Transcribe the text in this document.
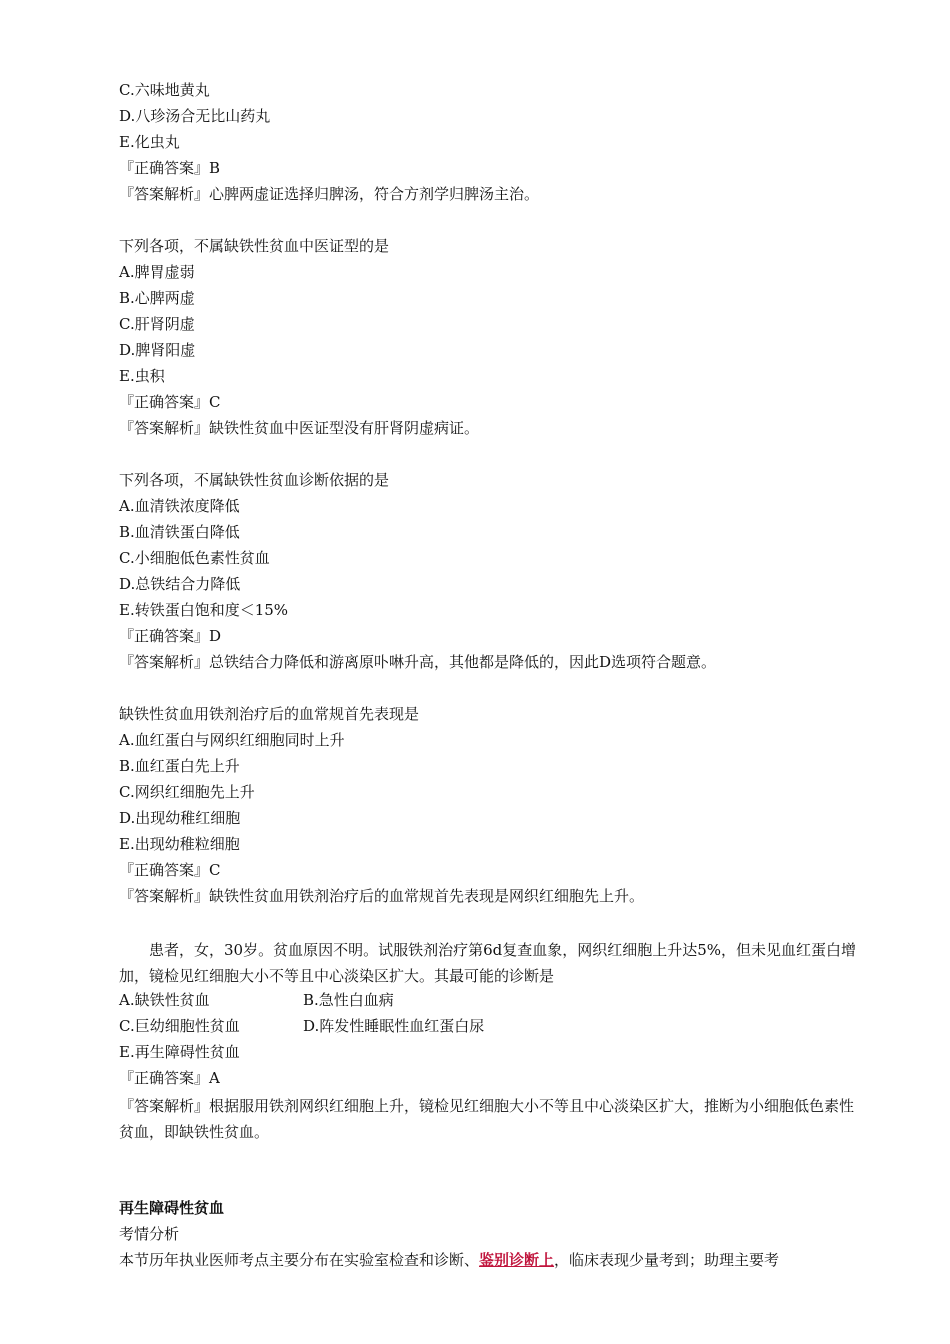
C.六味地黄丸
D.八珍汤合无比山药丸
E.化虫丸
『正确答案』B
『答案解析』心脾两虚证选择归脾汤，符合方剂学归脾汤主治。
下列各项，不属缺铁性贫血中医证型的是
A.脾胃虚弱
B.心脾两虚
C.肝肾阴虚
D.脾肾阳虚
E.虫积
『正确答案』C
『答案解析』缺铁性贫血中医证型没有肝肾阴虚病证。
下列各项，不属缺铁性贫血诊断依据的是
A.血清铁浓度降低
B.血清铁蛋白降低
C.小细胞低色素性贫血
D.总铁结合力降低
E.转铁蛋白饱和度＜15%
『正确答案』D
『答案解析』总铁结合力降低和游离原卟啉升高，其他都是降低的，因此D选项符合题意。
缺铁性贫血用铁剂治疗后的血常规首先表现是
A.血红蛋白与网织红细胞同时上升
B.血红蛋白先上升
C.网织红细胞先上升
D.出现幼稚红细胞
E.出现幼稚粒细胞
『正确答案』C
『答案解析』缺铁性贫血用铁剂治疗后的血常规首先表现是网织红细胞先上升。
患者，女，30岁。贫血原因不明。试服铁剂治疗第6d复查血象，网织红细胞上升达5%，但未见血红蛋白增加，镜检见红细胞大小不等且中心淡染区扩大。其最可能的诊断是
A.缺铁性贫血	B.急性白血病
C.巨幼细胞性贫血	D.阵发性睡眠性血红蛋白尿
E.再生障碍性贫血
『正确答案』A
『答案解析』根据服用铁剂网织红细胞上升，镜检见红细胞大小不等且中心淡染区扩大，推断为小细胞低色素性贫血，即缺铁性贫血。
再生障碍性贫血
考情分析
本节历年执业医师考点主要分布在实验室检查和诊断、鉴别诊断上，临床表现少量考到；助理主要考
